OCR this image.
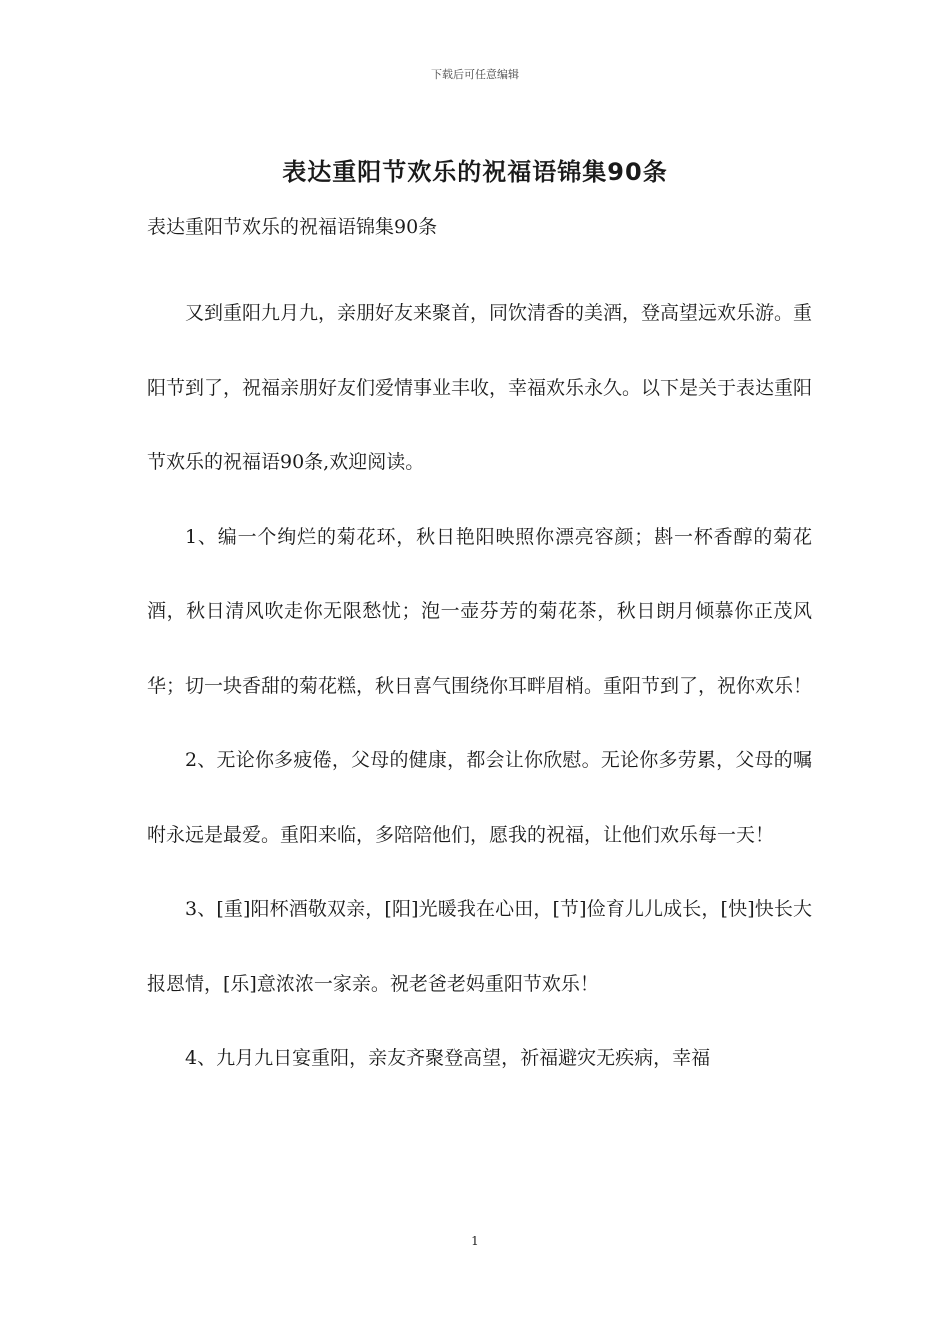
下载后可任意编辑
表达重阳节欢乐的祝福语锦集90条
表达重阳节欢乐的祝福语锦集90条

又到重阳九月九，亲朋好友来聚首，同饮清香的美酒，登高望远欢乐游。重阳节到了，祝福亲朋好友们爱情事业丰收，幸福欢乐永久。以下是关于表达重阳节欢乐的祝福语90条,欢迎阅读。

1、编一个绚烂的菊花环，秋日艳阳映照你漂亮容颜；斟一杯香醇的菊花酒，秋日清风吹走你无限愁忧；泡一壶芬芳的菊花茶，秋日朗月倾慕你正茂风华；切一块香甜的菊花糕，秋日喜气围绕你耳畔眉梢。重阳节到了，祝你欢乐！

2、无论你多疲倦，父母的健康，都会让你欣慰。无论你多劳累，父母的嘱咐永远是最爱。重阳来临，多陪陪他们，愿我的祝福，让他们欢乐每一天！

3、[重]阳杯酒敬双亲，[阳]光暖我在心田，[节]俭育儿儿成长，[快]快长大报恩情，[乐]意浓浓一家亲。祝老爸老妈重阳节欢乐！

4、九月九日宴重阳，亲友齐聚登高望，祈福避灾无疾病，幸福

1
